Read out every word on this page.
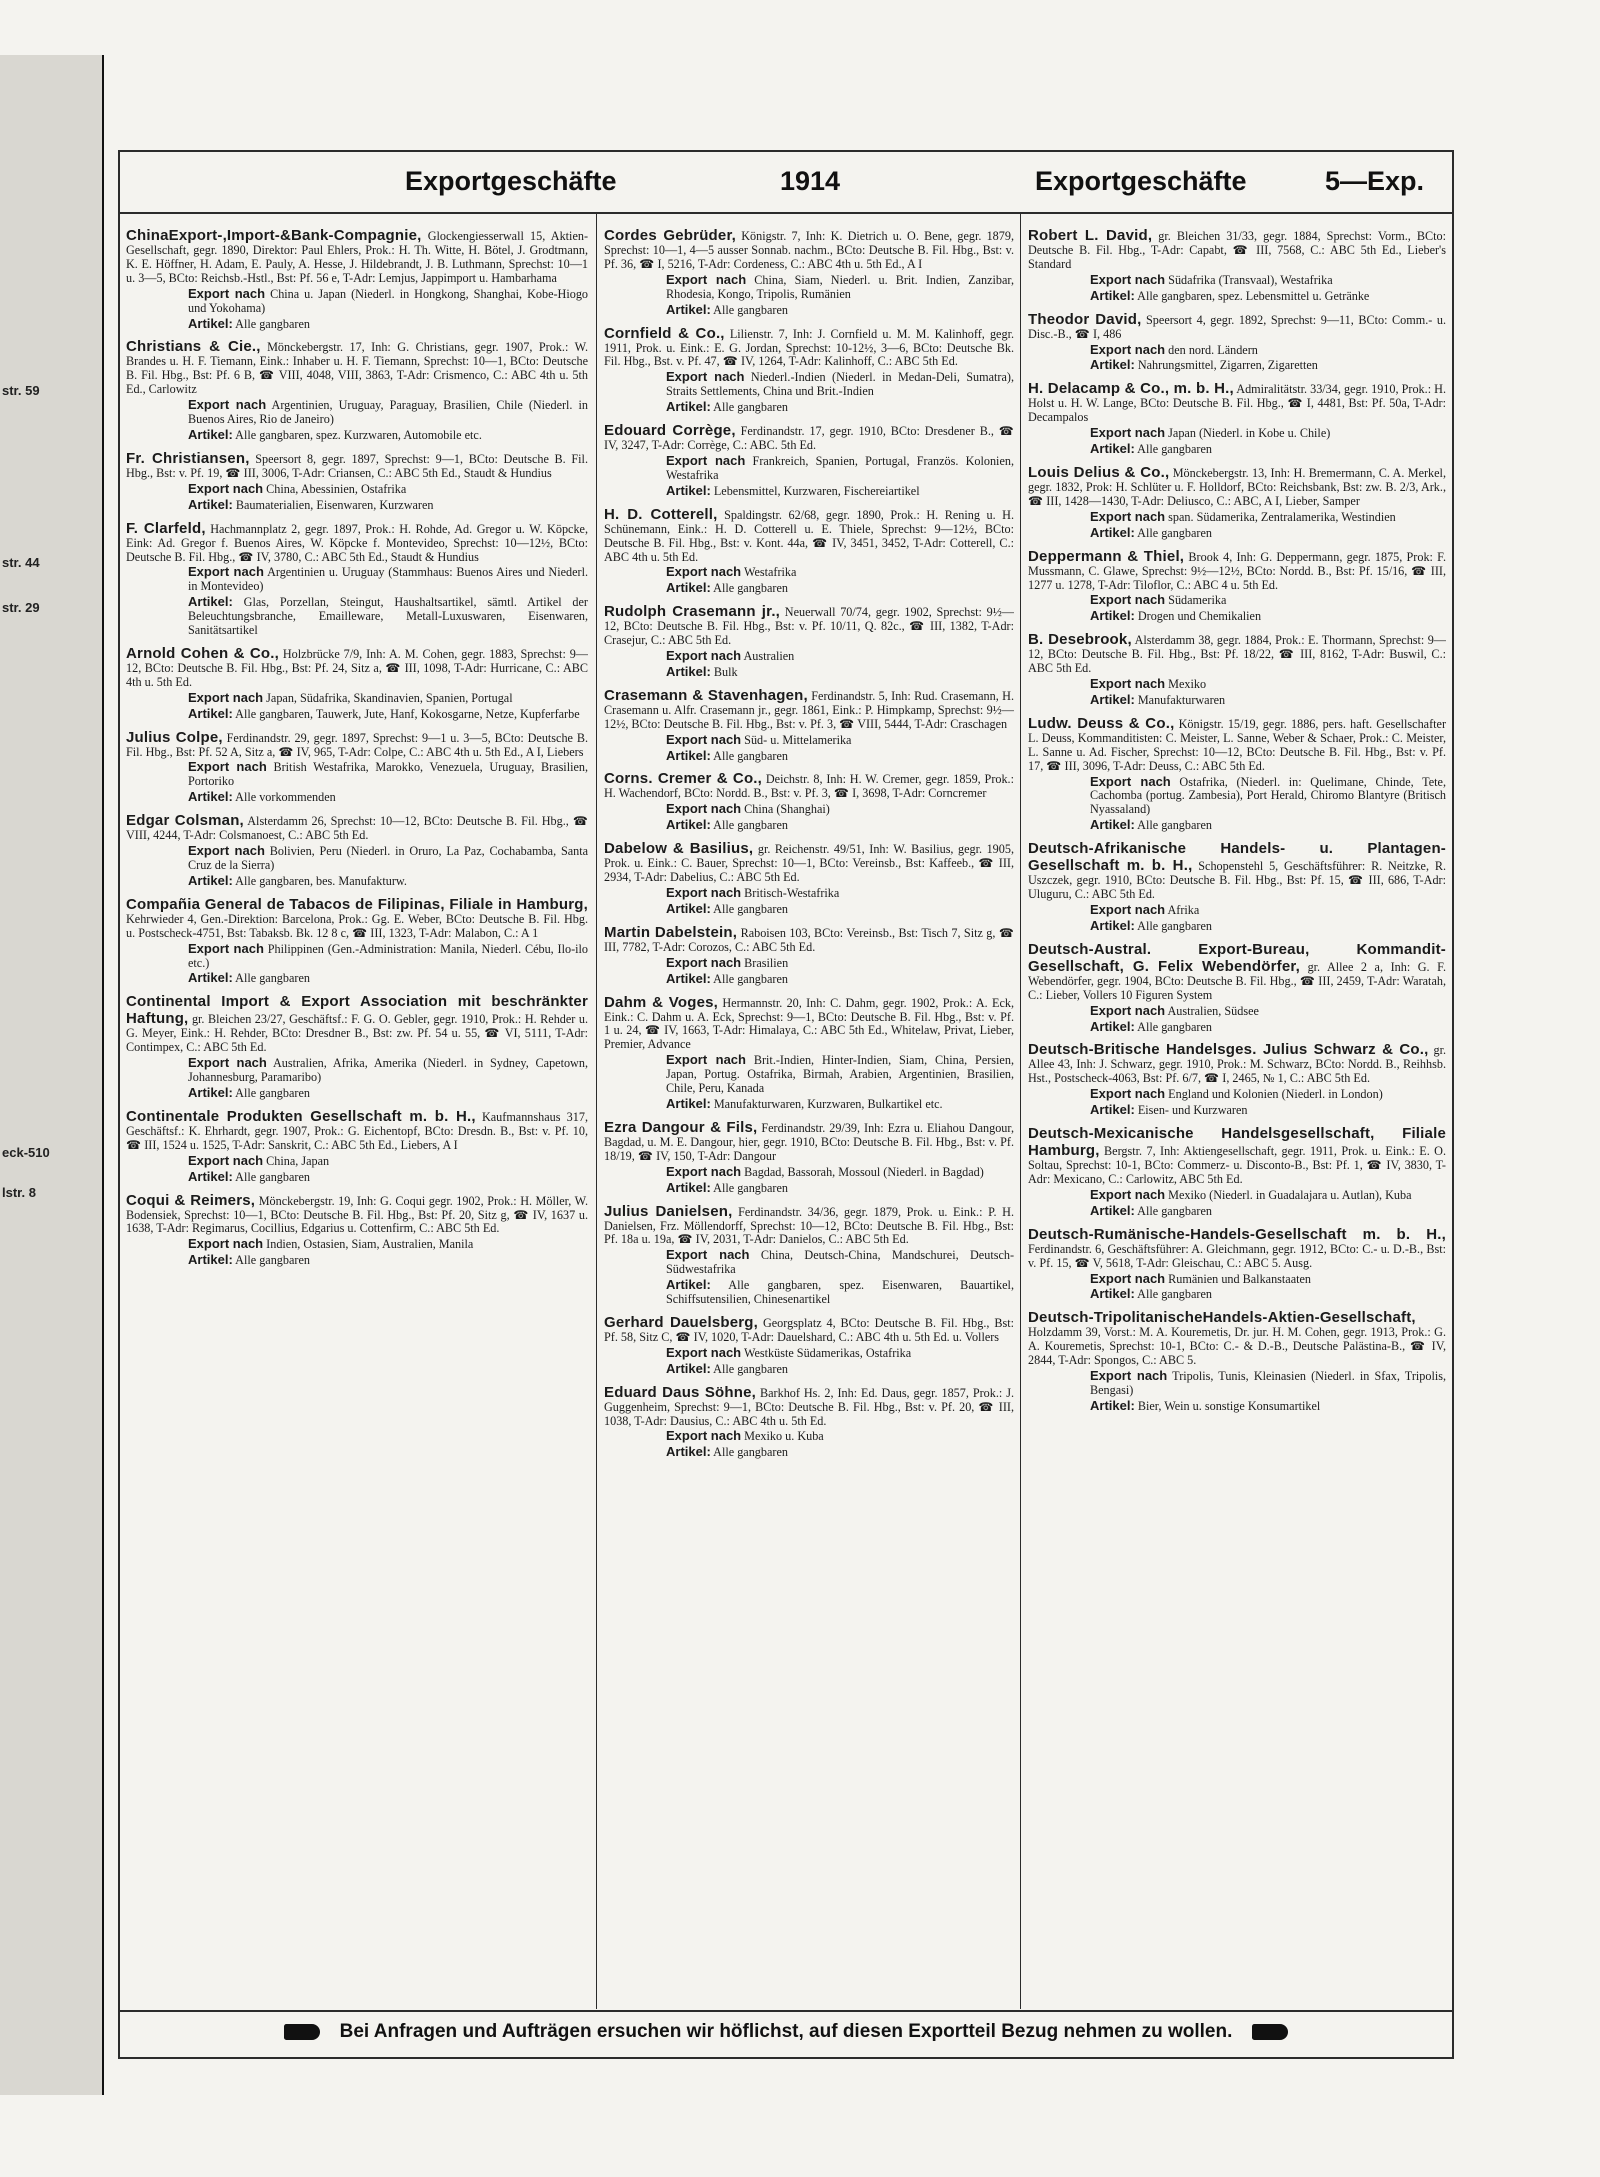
str. 59
str. 44
str. 29
eck-510
lstr. 8
Exportgeschäfte	1914	Exportgeschäfte	5—Exp.
ChinaExport-,Import-&Bank-Compagnie, Glockengiesserwall 15, Aktien-Gesellschaft, gegr. 1890, Direktor: Paul Ehlers, Prok.: H. Th. Witte, H. Bötel, J. Grodtmann, K. E. Höffner, H. Adam, E. Pauly, A. Hesse, J. Hildebrandt, J. B. Luthmann, Sprechst: 10—1 u. 3—5, BCto: Reichsb.-Hstl., Bst: Pf. 56 e, T-Adr: Lemjus, Jappimport u. Hambarhama
Export nach China u. Japan (Niederl. in Hongkong, Shanghai, Kobe-Hiogo und Yokohama)
Artikel: Alle gangbaren
Christians & Cie., Mönckebergstr. 17, Inh: G. Christians, gegr. 1907, Prok.: W. Brandes u. H. F. Tiemann, Eink.: Inhaber u. H. F. Tiemann, Sprechst: 10—1, BCto: Deutsche B. Fil. Hbg., Bst: Pf. 6 B, ☎ VIII, 4048, VIII, 3863, T-Adr: Crismenco, C.: ABC 4th u. 5th Ed., Carlowitz
Export nach Argentinien, Uruguay, Paraguay, Brasilien, Chile (Niederl. in Buenos Aires, Rio de Janeiro)
Artikel: Alle gangbaren, spez. Kurzwaren, Automobile etc.
Fr. Christiansen, Speersort 8, gegr. 1897, Sprechst: 9—1, BCto: Deutsche B. Fil. Hbg., Bst: v. Pf. 19, ☎ III, 3006, T-Adr: Criansen, C.: ABC 5th Ed., Staudt & Hundius
Export nach China, Abessinien, Ostafrika
Artikel: Baumaterialien, Eisenwaren, Kurzwaren
F. Clarfeld, Hachmannplatz 2, gegr. 1897, Prok.: H. Rohde, Ad. Gregor u. W. Köpcke, Eink: Ad. Gregor f. Buenos Aires, W. Köpcke f. Montevideo, Sprechst: 10—12½, BCto: Deutsche B. Fil. Hbg., ☎ IV, 3780, C.: ABC 5th Ed., Staudt & Hundius
Export nach Argentinien u. Uruguay (Stammhaus: Buenos Aires und Niederl. in Montevideo)
Artikel: Glas, Porzellan, Steingut, Haushaltsartikel, sämtl. Artikel der Beleuchtungsbranche, Emailleware, Metall-Luxuswaren, Eisenwaren, Sanitätsartikel
Arnold Cohen & Co., Holzbrücke 7/9, Inh: A. M. Cohen, gegr. 1883, Sprechst: 9—12, BCto: Deutsche B. Fil. Hbg., Bst: Pf. 24, Sitz a, ☎ III, 1098, T-Adr: Hurricane, C.: ABC 4th u. 5th Ed.
Export nach Japan, Südafrika, Skandinavien, Spanien, Portugal
Artikel: Alle gangbaren, Tauwerk, Jute, Hanf, Kokosgarne, Netze, Kupferfarbe
Julius Colpe, Ferdinandstr. 29, gegr. 1897, Sprechst: 9—1 u. 3—5, BCto: Deutsche B. Fil. Hbg., Bst: Pf. 52 A, Sitz a, ☎ IV, 965, T-Adr: Colpe, C.: ABC 4th u. 5th Ed., A I, Liebers
Export nach British Westafrika, Marokko, Venezuela, Uruguay, Brasilien, Portoriko
Artikel: Alle vorkommenden
Edgar Colsman, Alsterdamm 26, Sprechst: 10—12, BCto: Deutsche B. Fil. Hbg., ☎ VIII, 4244, T-Adr: Colsmanoest, C.: ABC 5th Ed.
Export nach Bolivien, Peru (Niederl. in Oruro, La Paz, Cochabamba, Santa Cruz de la Sierra)
Artikel: Alle gangbaren, bes. Manufakturw.
Compañia General de Tabacos de Filipinas, Filiale in Hamburg, Kehrwieder 4, Gen.-Direktion: Barcelona, Prok.: Gg. E. Weber, BCto: Deutsche B. Fil. Hbg. u. Postscheck-4751, Bst: Tabaksb. Bk. 12 8 c, ☎ III, 1323, T-Adr: Malabon, C.: A 1
Export nach Philippinen (Gen.-Administration: Manila, Niederl. Cébu, Ilo-ilo etc.)
Artikel: Alle gangbaren
Continental Import & Export Association mit beschränkter Haftung, gr. Bleichen 23/27, Geschäftsf.: F. G. O. Gebler, gegr. 1910, Prok.: H. Rehder u. G. Meyer, Eink.: H. Rehder, BCto: Dresdner B., Bst: zw. Pf. 54 u. 55, ☎ VI, 5111, T-Adr: Contimpex, C.: ABC 5th Ed.
Export nach Australien, Afrika, Amerika (Niederl. in Sydney, Capetown, Johannesburg, Paramaribo)
Artikel: Alle gangbaren
Continentale Produkten Gesellschaft m. b. H., Kaufmannshaus 317, Geschäftsf.: K. Ehrhardt, gegr. 1907, Prok.: G. Eichentopf, BCto: Dresdn. B., Bst: v. Pf. 10, ☎ III, 1524 u. 1525, T-Adr: Sanskrit, C.: ABC 5th Ed., Liebers, A I
Export nach China, Japan
Artikel: Alle gangbaren
Coqui & Reimers, Mönckebergstr. 19, Inh: G. Coqui gegr. 1902, Prok.: H. Möller, W. Bodensiek, Sprechst: 10—1, BCto: Deutsche B. Fil. Hbg., Bst: Pf. 20, Sitz g, ☎ IV, 1637 u. 1638, T-Adr: Regimarus, Cocillius, Edgarius u. Cottenfirm, C.: ABC 5th Ed.
Export nach Indien, Ostasien, Siam, Australien, Manila
Artikel: Alle gangbaren
Cordes Gebrüder, Königstr. 7, Inh: K. Dietrich u. O. Bene, gegr. 1879, Sprechst: 10—1, 4—5 ausser Sonnab. nachm., BCto: Deutsche B. Fil. Hbg., Bst: v. Pf. 36, ☎ I, 5216, T-Adr: Cordeness, C.: ABC 4th u. 5th Ed., A I
Export nach China, Siam, Niederl. u. Brit. Indien, Zanzibar, Rhodesia, Kongo, Tripolis, Rumänien
Artikel: Alle gangbaren
Cornfield & Co., Lilienstr. 7, Inh: J. Cornfield u. M. M. Kalinhoff, gegr. 1911, Prok. u. Eink.: E. G. Jordan, Sprechst: 10-12½, 3—6, BCto: Deutsche Bk. Fil. Hbg., Bst. v. Pf. 47, ☎ IV, 1264, T-Adr: Kalinhoff, C.: ABC 5th Ed.
Export nach Niederl.-Indien (Niederl. in Medan-Deli, Sumatra), Straits Settlements, China und Brit.-Indien
Artikel: Alle gangbaren
Edouard Corrège, Ferdinandstr. 17, gegr. 1910, BCto: Dresdener B., ☎ IV, 3247, T-Adr: Corrège, C.: ABC. 5th Ed.
Export nach Frankreich, Spanien, Portugal, Französ. Kolonien, Westafrika
Artikel: Lebensmittel, Kurzwaren, Fischereiartikel
H. D. Cotterell, Spaldingstr. 62/68, gegr. 1890, Prok.: H. Rening u. H. Schünemann, Eink.: H. D. Cotterell u. E. Thiele, Sprechst: 9—12½, BCto: Deutsche B. Fil. Hbg., Bst: v. Kont. 44a, ☎ IV, 3451, 3452, T-Adr: Cotterell, C.: ABC 4th u. 5th Ed.
Export nach Westafrika
Artikel: Alle gangbaren
Rudolph Crasemann jr., Neuerwall 70/74, gegr. 1902, Sprechst: 9½—12, BCto: Deutsche B. Fil. Hbg., Bst: v. Pf. 10/11, Q. 82c., ☎ III, 1382, T-Adr: Crasejur, C.: ABC 5th Ed.
Export nach Australien
Artikel: Bulk
Crasemann & Stavenhagen, Ferdinandstr. 5, Inh: Rud. Crasemann, H. Crasemann u. Alfr. Crasemann jr., gegr. 1861, Eink.: P. Himpkamp, Sprechst: 9½—12½, BCto: Deutsche B. Fil. Hbg., Bst: v. Pf. 3, ☎ VIII, 5444, T-Adr: Craschagen
Export nach Süd- u. Mittelamerika
Artikel: Alle gangbaren
Corns. Cremer & Co., Deichstr. 8, Inh: H. W. Cremer, gegr. 1859, Prok.: H. Wachendorf, BCto: Nordd. B., Bst: v. Pf. 3, ☎ I, 3698, T-Adr: Corncremer
Export nach China (Shanghai)
Artikel: Alle gangbaren
Dabelow & Basilius, gr. Reichenstr. 49/51, Inh: W. Basilius, gegr. 1905, Prok. u. Eink.: C. Bauer, Sprechst: 10—1, BCto: Vereinsb., Bst: Kaffeeb., ☎ III, 2934, T-Adr: Dabelius, C.: ABC 5th Ed.
Export nach Britisch-Westafrika
Artikel: Alle gangbaren
Martin Dabelstein, Raboisen 103, BCto: Vereinsb., Bst: Tisch 7, Sitz g, ☎ III, 7782, T-Adr: Corozos, C.: ABC 5th Ed.
Export nach Brasilien
Artikel: Alle gangbaren
Dahm & Voges, Hermannstr. 20, Inh: C. Dahm, gegr. 1902, Prok.: A. Eck, Eink.: C. Dahm u. A. Eck, Sprechst: 9—1, BCto: Deutsche B. Fil. Hbg., Bst: v. Pf. 1 u. 24, ☎ IV, 1663, T-Adr: Himalaya, C.: ABC 5th Ed., Whitelaw, Privat, Lieber, Premier, Advance
Export nach Brit.-Indien, Hinter-Indien, Siam, China, Persien, Japan, Portug. Ostafrika, Birmah, Arabien, Argentinien, Brasilien, Chile, Peru, Kanada
Artikel: Manufakturwaren, Kurzwaren, Bulkartikel etc.
Ezra Dangour & Fils, Ferdinandstr. 29/39, Inh: Ezra u. Eliahou Dangour, Bagdad, u. M. E. Dangour, hier, gegr. 1910, BCto: Deutsche B. Fil. Hbg., Bst: v. Pf. 18/19, ☎ IV, 150, T-Adr: Dangour
Export nach Bagdad, Bassorah, Mossoul (Niederl. in Bagdad)
Artikel: Alle gangbaren
Julius Danielsen, Ferdinandstr. 34/36, gegr. 1879, Prok. u. Eink.: P. H. Danielsen, Frz. Möllendorff, Sprechst: 10—12, BCto: Deutsche B. Fil. Hbg., Bst: Pf. 18a u. 19a, ☎ IV, 2031, T-Adr: Danielos, C.: ABC 5th Ed.
Export nach China, Deutsch-China, Mandschurei, Deutsch-Südwestafrika
Artikel: Alle gangbaren, spez. Eisenwaren, Bauartikel, Schiffsutensilien, Chinesenartikel
Gerhard Dauelsberg, Georgsplatz 4, BCto: Deutsche B. Fil. Hbg., Bst: Pf. 58, Sitz C, ☎ IV, 1020, T-Adr: Dauelshard, C.: ABC 4th u. 5th Ed. u. Vollers
Export nach Westküste Südamerikas, Ostafrika
Artikel: Alle gangbaren
Eduard Daus Söhne, Barkhof Hs. 2, Inh: Ed. Daus, gegr. 1857, Prok.: J. Guggenheim, Sprechst: 9—1, BCto: Deutsche B. Fil. Hbg., Bst: v. Pf. 20, ☎ III, 1038, T-Adr: Dausius, C.: ABC 4th u. 5th Ed.
Export nach Mexiko u. Kuba
Artikel: Alle gangbaren
Robert L. David, gr. Bleichen 31/33, gegr. 1884, Sprechst: Vorm., BCto: Deutsche B. Fil. Hbg., T-Adr: Capabt, ☎ III, 7568, C.: ABC 5th Ed., Lieber's Standard
Export nach Südafrika (Transvaal), Westafrika
Artikel: Alle gangbaren, spez. Lebensmittel u. Getränke
Theodor David, Speersort 4, gegr. 1892, Sprechst: 9—11, BCto: Comm.- u. Disc.-B., ☎ I, 486
Export nach den nord. Ländern
Artikel: Nahrungsmittel, Zigarren, Zigaretten
H. Delacamp & Co., m. b. H., Admiralitätstr. 33/34, gegr. 1910, Prok.: H. Holst u. H. W. Lange, BCto: Deutsche B. Fil. Hbg., ☎ I, 4481, Bst: Pf. 50a, T-Adr: Decampalos
Export nach Japan (Niederl. in Kobe u. Chile)
Artikel: Alle gangbaren
Louis Delius & Co., Mönckebergstr. 13, Inh: H. Bremermann, C. A. Merkel, gegr. 1832, Prok: H. Schlüter u. F. Holldorf, BCto: Reichsbank, Bst: zw. B. 2/3, Ark., ☎ III, 1428—1430, T-Adr: Deliusco, C.: ABC, A I, Lieber, Samper
Export nach span. Südamerika, Zentralamerika, Westindien
Artikel: Alle gangbaren
Deppermann & Thiel, Brook 4, Inh: G. Deppermann, gegr. 1875, Prok: F. Mussmann, C. Glawe, Sprechst: 9½—12½, BCto: Nordd. B., Bst: Pf. 15/16, ☎ III, 1277 u. 1278, T-Adr: Tiloflor, C.: ABC 4 u. 5th Ed.
Export nach Südamerika
Artikel: Drogen und Chemikalien
B. Desebrook, Alsterdamm 38, gegr. 1884, Prok.: E. Thormann, Sprechst: 9—12, BCto: Deutsche B. Fil. Hbg., Bst: Pf. 18/22, ☎ III, 8162, T-Adr: Buswil, C.: ABC 5th Ed.
Export nach Mexiko
Artikel: Manufakturwaren
Ludw. Deuss & Co., Königstr. 15/19, gegr. 1886, pers. haft. Gesellschafter L. Deuss, Kommanditisten: C. Meister, L. Sanne, Weber & Schaer, Prok.: C. Meister, L. Sanne u. Ad. Fischer, Sprechst: 10—12, BCto: Deutsche B. Fil. Hbg., Bst: v. Pf. 17, ☎ III, 3096, T-Adr: Deuss, C.: ABC 5th Ed.
Export nach Ostafrika, (Niederl. in: Quelimane, Chinde, Tete, Cachomba (portug. Zambesia), Port Herald, Chiromo Blantyre (Britisch Nyassaland)
Artikel: Alle gangbaren
Deutsch-Afrikanische Handels- u. Plantagen-Gesellschaft m. b. H., Schopenstehl 5, Geschäftsführer: R. Neitzke, R. Uszczek, gegr. 1910, BCto: Deutsche B. Fil. Hbg., Bst: Pf. 15, ☎ III, 686, T-Adr: Uluguru, C.: ABC 5th Ed.
Export nach Afrika
Artikel: Alle gangbaren
Deutsch-Austral. Export-Bureau, Kommandit-Gesellschaft, G. Felix Webendörfer, gr. Allee 2 a, Inh: G. F. Webendörfer, gegr. 1904, BCto: Deutsche B. Fil. Hbg., ☎ III, 2459, T-Adr: Waratah, C.: Lieber, Vollers 10 Figuren System
Export nach Australien, Südsee
Artikel: Alle gangbaren
Deutsch-Britische Handelsges. Julius Schwarz & Co., gr. Allee 43, Inh: J. Schwarz, gegr. 1910, Prok.: M. Schwarz, BCto: Nordd. B., Reihhsb. Hst., Postscheck-4063, Bst: Pf. 6/7, ☎ I, 2465, № 1, C.: ABC 5th Ed.
Export nach England und Kolonien (Niederl. in London)
Artikel: Eisen- und Kurzwaren
Deutsch-Mexicanische Handelsgesellschaft, Filiale Hamburg, Bergstr. 7, Inh: Aktiengesellschaft, gegr. 1911, Prok. u. Eink.: E. O. Soltau, Sprechst: 10-1, BCto: Commerz- u. Disconto-B., Bst: Pf. 1, ☎ IV, 3830, T-Adr: Mexicano, C.: Carlowitz, ABC 5th Ed.
Export nach Mexiko (Niederl. in Guadalajara u. Autlan), Kuba
Artikel: Alle gangbaren
Deutsch-Rumänische-Handels-Gesellschaft m. b. H., Ferdinandstr. 6, Geschäftsführer: A. Gleichmann, gegr. 1912, BCto: C.- u. D.-B., Bst: v. Pf. 15, ☎ V, 5618, T-Adr: Gleischau, C.: ABC 5. Ausg.
Export nach Rumänien und Balkanstaaten
Artikel: Alle gangbaren
Deutsch-TripolitanischeHandels-Aktien-Gesellschaft, Holzdamm 39, Vorst.: M. A. Kouremetis, Dr. jur. H. M. Cohen, gegr. 1913, Prok.: G. A. Kouremetis, Sprechst: 10-1, BCto: C.- & D.-B., Deutsche Palästina-B., ☎ IV, 2844, T-Adr: Spongos, C.: ABC 5.
Export nach Tripolis, Tunis, Kleinasien (Niederl. in Sfax, Tripolis, Bengasi)
Artikel: Bier, Wein u. sonstige Konsumartikel
Bei Anfragen und Aufträgen ersuchen wir höflichst, auf diesen Exportteil Bezug nehmen zu wollen.
